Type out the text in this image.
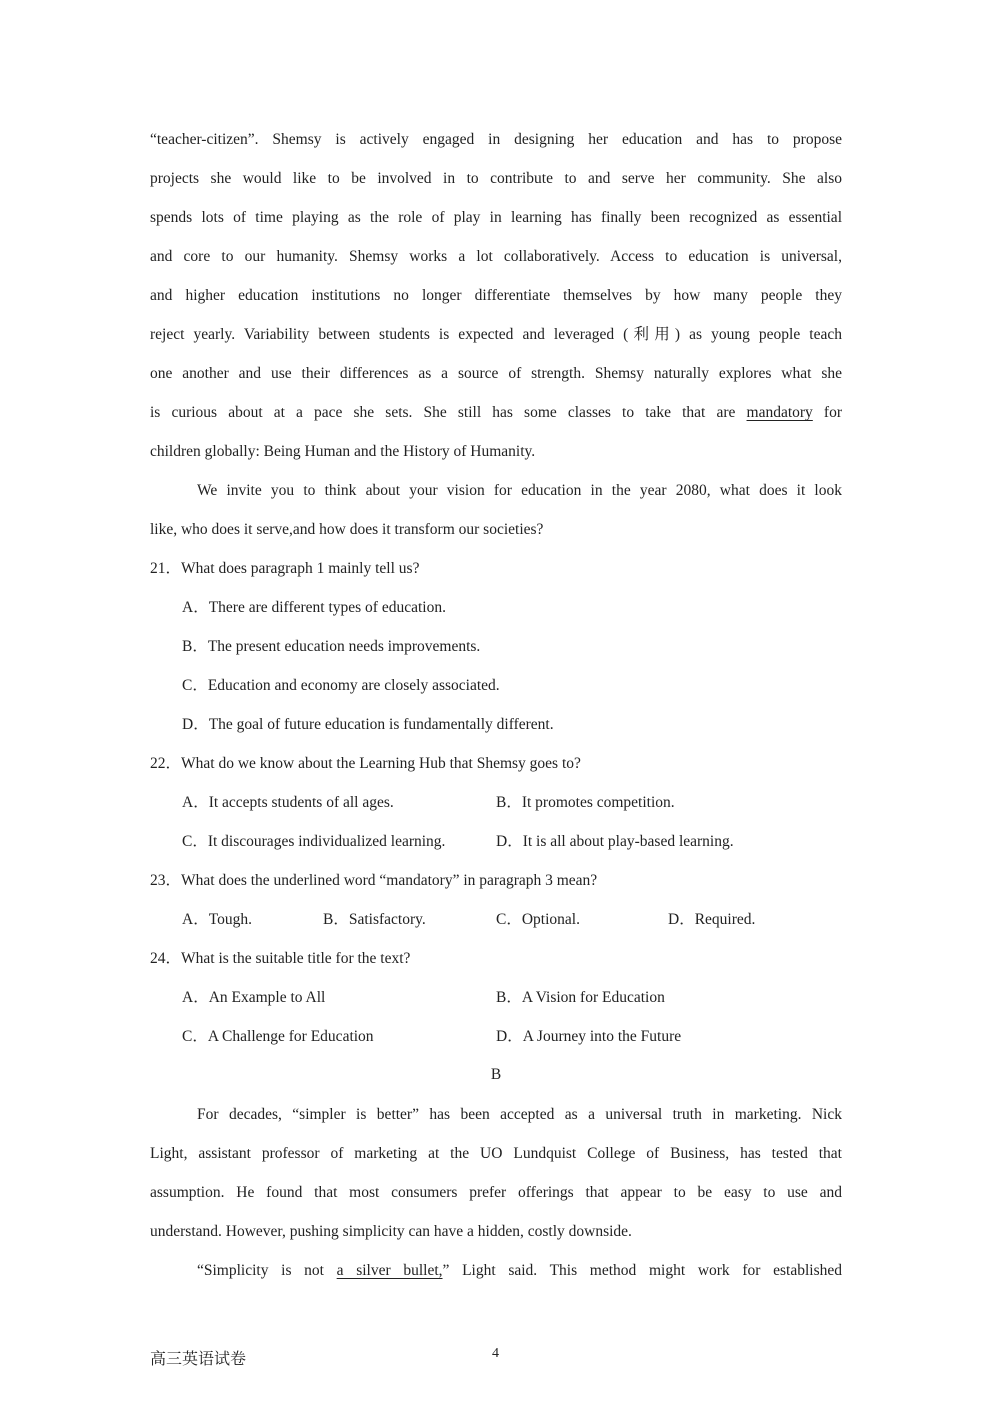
“teacher-citizen”. Shemsy is actively engaged in designing her education and has to propose
projects she would like to be involved in to contribute to and serve her community. She also
spends lots of time playing as the role of play in learning has finally been recognized as essential
and core to our humanity. Shemsy works a lot collaboratively. Access to education is universal,
and higher education institutions no longer differentiate themselves by how many people they
reject yearly. Variability between students is expected and leveraged (利用) as young people teach
one another and use their differences as a source of strength. Shemsy naturally explores what she
is curious about at a pace she sets. She still has some classes to take that are mandatory for
children globally: Being Human and the History of Humanity.
We invite you to think about your vision for education in the year 2080, what does it look
like, who does it serve,and how does it transform our societies?
21．What does paragraph 1 mainly tell us?
A．There are different types of education.
B．The present education needs improvements.
C．Education and economy are closely associated.
D．The goal of future education is fundamentally different.
22．What do we know about the Learning Hub that Shemsy goes to?
A．It accepts students of all ages.	B．It promotes competition.
C．It discourages individualized learning.	D．It is all about play-based learning.
23．What does the underlined word “mandatory” in paragraph 3 mean?
A．Tough.	B．Satisfactory.	C．Optional.	D．Required.
24．What is the suitable title for the text?
A．An Example to All	B．A Vision for Education
C．A Challenge for Education	D．A Journey into the Future
B
For decades, “simpler is better” has been accepted as a universal truth in marketing. Nick
Light, assistant professor of marketing at the UO Lundquist College of Business, has tested that
assumption. He found that most consumers prefer offerings that appear to be easy to use and
understand. However, pushing simplicity can have a hidden, costly downside.
“Simplicity is not a silver bullet,” Light said. This method might work for established
高三英语试卷	4
